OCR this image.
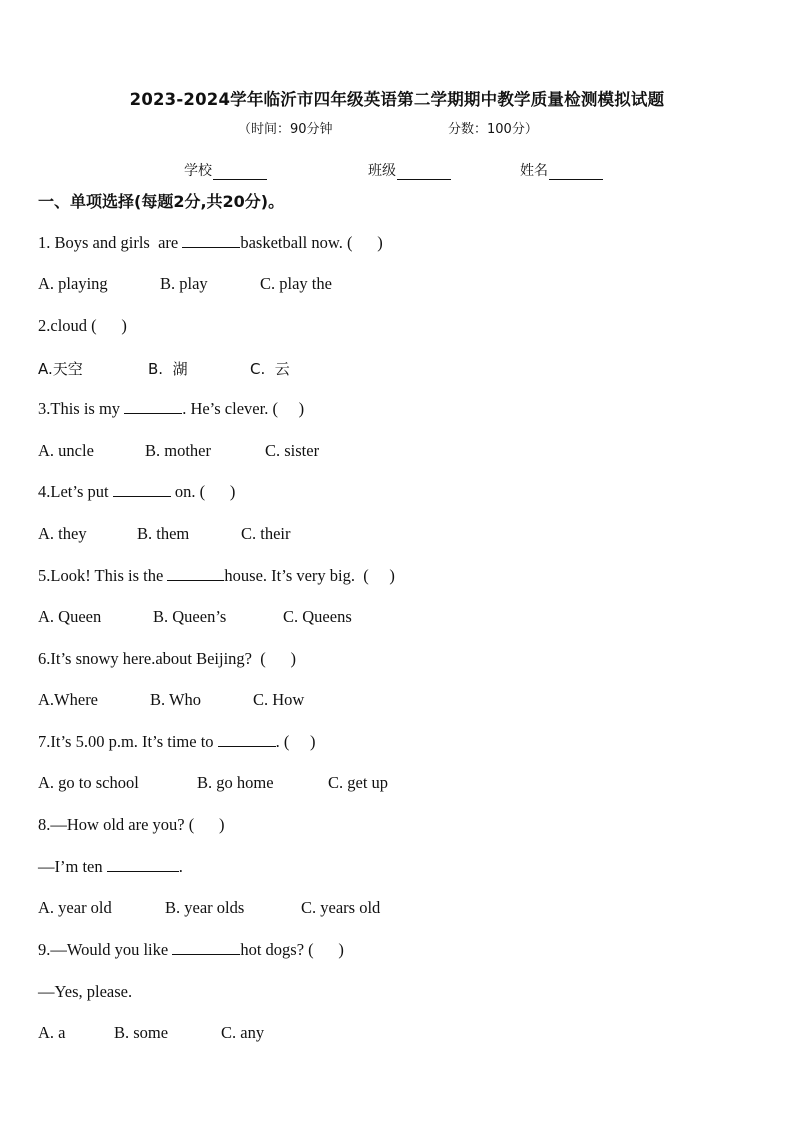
2023-2024学年临沂市四年级英语第二学期期中教学质量检测模拟试题
（时间：90分钟	分数：100分）
学校	班级	姓名
一、单项选择(每题2分,共20分)。
1. Boys and girls  are	basketball now. (      )
A. playing	B. play	C. play the
2.cloud (      )
A.天空	B.  湖	C.  云
3.This is my	. He’s clever. (     )
A. uncle	B. mother	C. sister
4.Let’s put	on. (      )
A. they	B. them	C. their
5.Look! This is the	house. It’s very big.  (     )
A. Queen	B. Queen’s	C. Queens
6.It’s snowy here.about Beijing?  (      )
A.Where	B. Who	C. How
7.It’s 5.00 p.m. It’s time to	. (     )
A. go to school	B. go home	C. get up
8.—How old are you? (      )
—I’m ten	.
A. year old	B. year olds	C. years old
9.—Would you like	hot dogs? (      )
—Yes, please.
A. a	B. some	C. any
